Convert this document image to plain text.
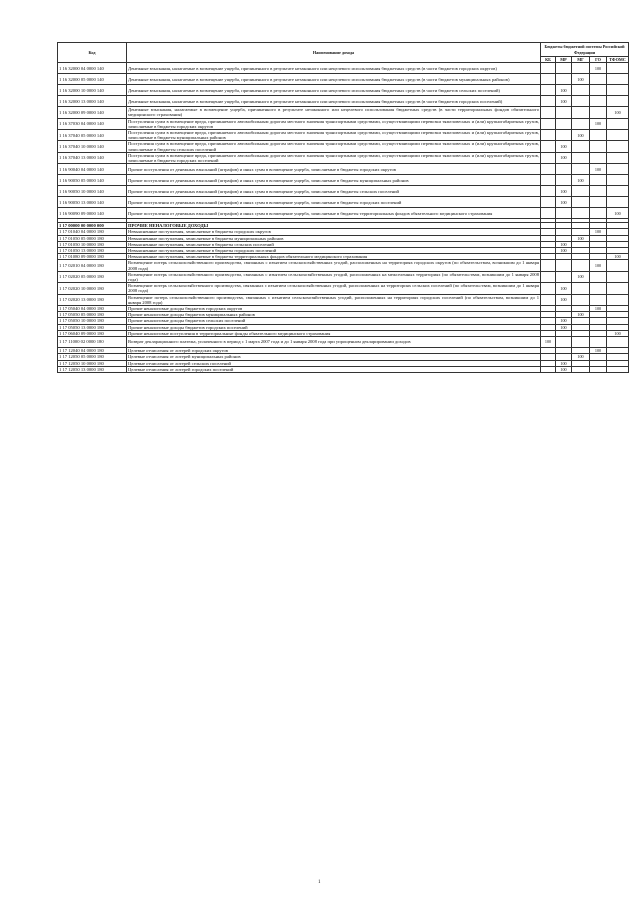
Код	Наименование дохода	Бюджеты бюджетной системы Российской Федерации				
		КБ	МР	МГ	ГО	ТФОМС
1 16 32000 04 0000 140	Денежные взыскания, налагаемые в возмещение ущерба, причиненного в результате незаконного или нецелевого использования бюджетных средств (в части бюджетов городских округов)				100	
1 16 32000 05 0000 140	Денежные взыскания, налагаемые в возмещение ущерба, причиненного в результате незаконного или нецелевого использования бюджетных средств (в части бюджетов муниципальных районов)			100		
1 16 32000 10 0000 140	Денежные взыскания, налагаемые в возмещение ущерба, причиненного в результате незаконного или нецелевого использования бюджетных средств (в части бюджетов сельских поселений)		100			
1 16 32000 13 0000 140	Денежные взыскания, налагаемые в возмещение ущерба, причиненного в результате незаконного или нецелевого использования бюджетных средств (в части бюджетов городских поселений)		100			
1 16 32000 09 0000 140	Денежные взыскания, налагаемые в возмещение ущерба, причиненного в результате незаконного или нецелевого использования бюджетных средств (в части территориальных фондов обязательного медицинского страхования)					100
1 16 37030 04 0000 140	Поступления сумм в возмещение вреда, причиняемого автомобильным дорогам местного значения транспортными средствами, осуществляющими перевозки тяжеловесных и (или) крупногабаритных грузов, зачисляемые в бюджеты городских округов				100	
1 16 37040 05 0000 140	Поступления сумм в возмещение вреда, причиняемого автомобильным дорогам местного значения транспортными средствами, осуществляющими перевозки тяжеловесных и (или) крупногабаритных грузов, зачисляемые в бюджеты муниципальных районов			100		
1 16 37040 10 0000 140	Поступления сумм в возмещение вреда, причиняемого автомобильным дорогам местного значения транспортными средствами, осуществляющими перевозки тяжеловесных и (или) крупногабаритных грузов, зачисляемые в бюджеты сельских поселений		100			
1 16 37040 13 0000 140	Поступления сумм в возмещение вреда, причиняемого автомобильным дорогам местного значения транспортными средствами, осуществляющими перевозки тяжеловесных и (или) крупногабаритных грузов, зачисляемые в бюджеты городских поселений		100			
1 16 90040 04 0000 140	Прочие поступления от денежных взысканий (штрафов) и иных сумм в возмещение ущерба, зачисляемые в бюджеты городских округов				100	
1 16 90050 05 0000 140	Прочие поступления от денежных взысканий (штрафов) и иных сумм в возмещение ущерба, зачисляемые в бюджеты муниципальных районов			100		
1 16 90050 10 0000 140	Прочие поступления от денежных взысканий (штрафов) и иных сумм в возмещение ущерба, зачисляемые в бюджеты сельских поселений		100			
1 16 90050 13 0000 140	Прочие поступления от денежных взысканий (штрафов) и иных сумм в возмещение ущерба, зачисляемые в бюджеты городских поселений		100			
1 16 90090 09 0000 140	Прочие поступления от денежных взысканий (штрафов) и иных сумм в возмещение ущерба, зачисляемые в бюджеты территориальных фондов обязательного медицинского страхования					100

1 17 00000 00 0000 000	ПРОЧИЕ НЕНАЛОГОВЫЕ ДОХОДЫ					
1 17 01040 04 0000 180	Невыясненные поступления, зачисляемые в бюджеты городских округов				100	
1 17 01050 05 0000 180	Невыясненные поступления, зачисляемые в бюджеты муниципальных районов			100		
1 17 01050 10 0000 180	Невыясненные поступления, зачисляемые в бюджеты сельских поселений		100			
1 17 01050 13 0000 180	Невыясненные поступления, зачисляемые в бюджеты городских поселений		100			
1 17 01080 09 0000 180	Невыясненные поступления, зачисляемые в бюджеты территориальных фондов обязательного медицинского страхования					100
1 17 02010 04 0000 180	Возмещение потерь сельскохозяйственного производства, связанных с изъятием сельскохозяйственных угодий, расположенных на территориях городских округов (по обязательствам, возникшим до 1 января 2008 года)				100	
1 17 02020 05 0000 180	Возмещение потерь сельскохозяйственного производства, связанных с изъятием сельскохозяйственных угодий, расположенных на межселенных территориях (по обязательствам, возникшим до 1 января 2008 года)			100		
1 17 02020 10 0000 180	Возмещение потерь сельскохозяйственного производства, связанных с изъятием сельскохозяйственных угодий, расположенных на территориях сельских поселений (по обязательствам, возникшим до 1 января 2008 года)		100			
1 17 02020 13 0000 180	Возмещение потерь сельскохозяйственного производства, связанных с изъятием сельскохозяйственных угодий, расположенных на территориях городских поселений (по обязательствам, возникшим до 1 января 2008 года)		100			
1 17 05040 04 0000 180	Прочие неналоговые доходы бюджетов городских округов				100	
1 17 05050 05 0000 180	Прочие неналоговые доходы бюджетов муниципальных районов			100		
1 17 05050 10 0000 180	Прочие неналоговые доходы бюджетов сельских поселений		100			
1 17 05050 13 0000 180	Прочие неналоговые доходы бюджетов городских поселений		100			
1 17 06040 09 0000 180	Прочие неналоговые поступления в территориальные фонды обязательного медицинского страхования					100
1 17 11000 02 0000 180	Возврат декларационного платежа, уплаченного в период с 1 марта 2007 года и до 1 января 2008 года при упрощенном декларировании доходов	100				
1 17 12040 04 0000 180	Целевые отчисления от лотерей городских округов				100	
1 17 12050 05 0000 180	Целевые отчисления от лотерей муниципальных районов			100		
1 17 12050 10 0000 180	Целевые отчисления от лотерей сельских поселений		100			
1 17 12050 13 0000 180	Целевые отчисления от лотерей городских поселений		100			
1
